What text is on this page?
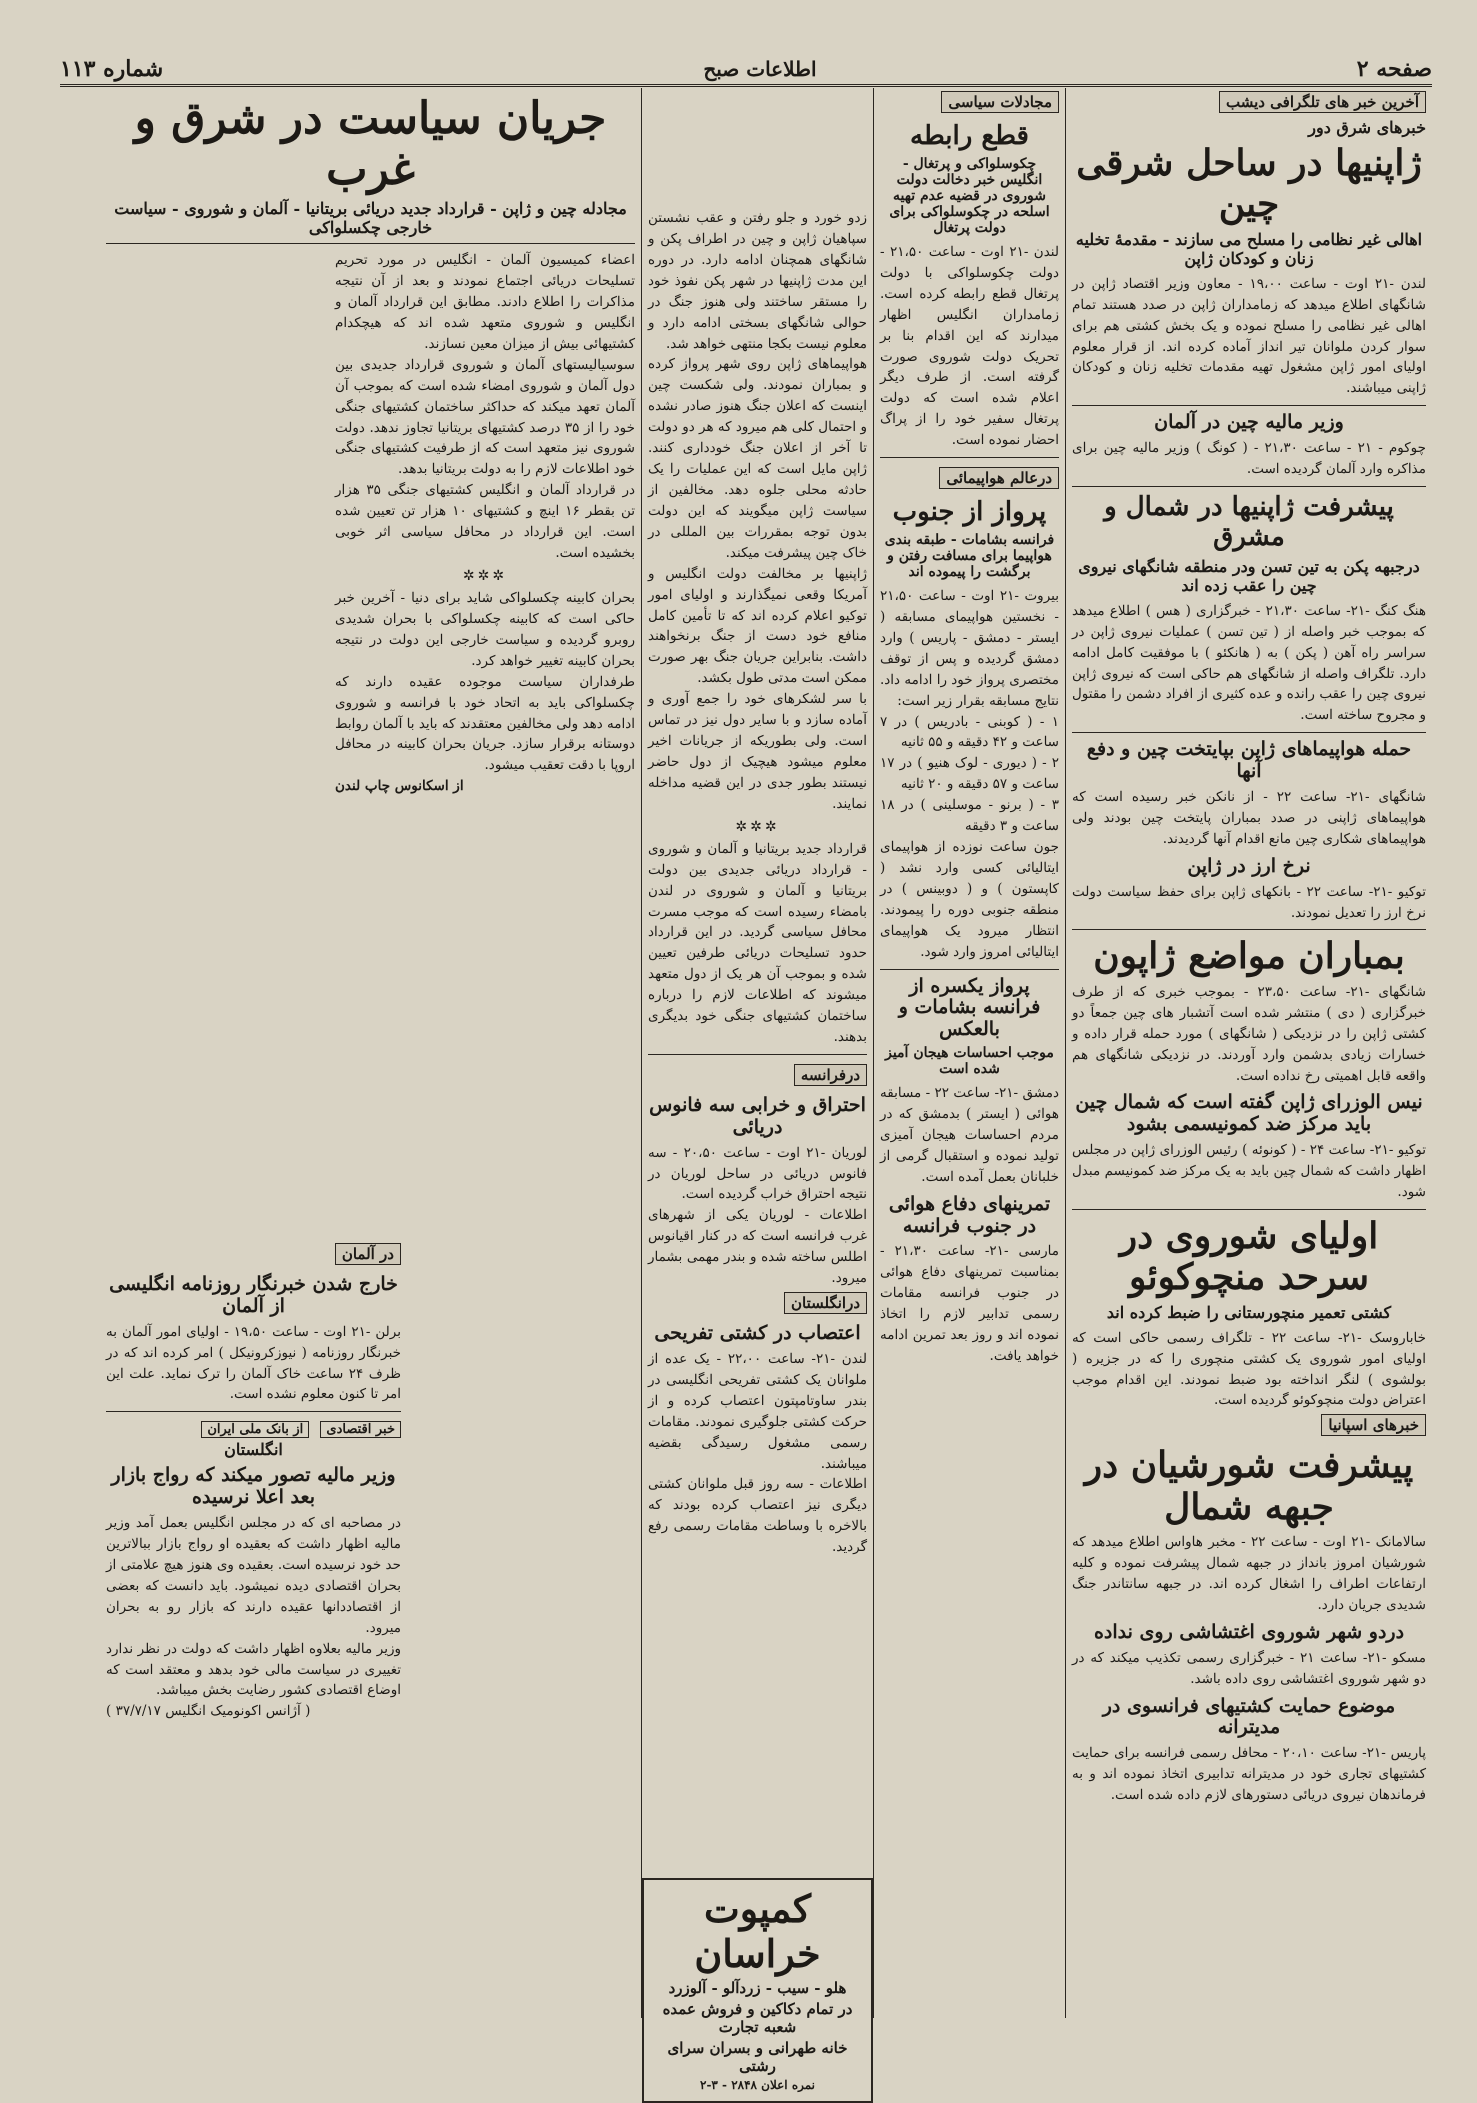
صفحه ۲
اطلاعات صبح
شماره ۱۱۳
آخرین خبر های تلگرافی دیشب
خبرهای شرق دور
ژاپنیها در ساحل شرقی چین
اهالی غیر نظامی را مسلح می سازند - مقدمهٔ تخلیه زنان و کودکان ژاپن
لندن -۲۱ اوت - ساعت ۱۹،۰۰ - معاون وزیر اقتصاد ژاپن در شانگهای اطلاع میدهد که زمامداران ژاپن در صدد هستند تمام اهالی غیر نظامی را مسلح نموده و یک بخش کشتی هم برای سوار کردن ملوانان تیر انداز آماده کرده اند. از قرار معلوم اولیای امور ژاپن مشغول تهیه مقدمات تخلیه زنان و کودکان ژاپنی میباشند.
وزیر مالیه چین در آلمان
چوکوم - ۲۱ - ساعت ۲۱،۳۰ - ( کونگ ) وزیر مالیه چین برای مذاکره وارد آلمان گردیده است.
پیشرفت ژاپنیها در شمال و مشرق
درجبهه پکن به تین تسن ودر منطقه شانگهای نیروی چین را عقب زده اند
هنگ کنگ -۲۱- ساعت ۲۱،۳۰ - خبرگزاری ( هس ) اطلاع میدهد که بموجب خبر واصله از ( تین تسن ) عملیات نیروی ژاپن در سراسر راه آهن ( پکن ) به ( هانکئو ) با موفقیت کامل ادامه دارد. تلگراف واصله از شانگهای هم حاکی است که نیروی ژاپن نیروی چین را عقب رانده و عده کثیری از افراد دشمن را مقتول و مجروح ساخته است.
حمله هواپیماهای ژاپن بپایتخت چین و دفع آنها
شانگهای -۲۱- ساعت ۲۲ - از نانکن خبر رسیده است که هواپیماهای ژاپنی در صدد بمباران پایتخت چین بودند ولی هواپیماهای شکاری چین مانع اقدام آنها گردیدند.
نرخ ارز در ژاپن
توکیو -۲۱- ساعت ۲۲ - بانکهای ژاپن برای حفظ سیاست دولت نرخ ارز را تعدیل نمودند.
بمباران مواضع ژاپون
شانگهای -۲۱- ساعت ۲۳،۵۰ - بموجب خبری که از طرف خبرگزاری ( دی ) منتشر شده است آتشبار های چین جمعاً دو کشتی ژاپن را در نزدیکی ( شانگهای ) مورد حمله قرار داده و خسارات زیادی بدشمن وارد آوردند. در نزدیکی شانگهای هم واقعه قابل اهمیتی رخ نداده است.
نیس الوزرای ژاپن گفته است که شمال چین باید مرکز ضد کمونیسمی بشود
توکیو -۲۱- ساعت ۲۴ - ( کونوئه ) رئیس الوزرای ژاپن در مجلس اظهار داشت که شمال چین باید به یک مرکز ضد کمونیسم مبدل شود.
اولیای شوروی در سرحد منچوکوئو
کشتی تعمیر منچورستانی را ضبط کرده اند
خاباروسک -۲۱- ساعت ۲۲ - تلگراف رسمی حاکی است که اولیای امور شوروی یک کشتی منچوری را که در جزیره ( بولشوی ) لنگر انداخته بود ضبط نمودند. این اقدام موجب اعتراض دولت منچوکوئو گردیده است.
خبرهای اسپانیا
پیشرفت شورشیان در جبهه شمال
سالامانک -۲۱ اوت - ساعت ۲۲ - مخبر هاواس اطلاع میدهد که شورشیان امروز بانداز در جبهه شمال پیشرفت نموده و کلیه ارتفاعات اطراف را اشغال کرده اند. در جبهه سانتاندر جنگ شدیدی جریان دارد.
دردو شهر شوروی اغتشاشی روی نداده
مسکو -۲۱- ساعت ۲۱ - خبرگزاری رسمی تکذیب میکند که در دو شهر شوروی اغتشاشی روی داده باشد.
موضوع حمایت کشتیهای فرانسوی در مدیترانه
پاریس -۲۱- ساعت ۲۰،۱۰ - محافل رسمی فرانسه برای حمایت کشتیهای تجاری خود در مدیترانه تدابیری اتخاذ نموده اند و به فرماندهان نیروی دریائی دستورهای لازم داده شده است.
مجادلات سیاسی
قطع رابطه
چکوسلواکی و پرتغال - انگلیس خبر دخالت دولت شوروی در قضیه عدم تهیه اسلحه در چکوسلواکی برای دولت پرتغال
لندن -۲۱ اوت - ساعت ۲۱،۵۰ - دولت چکوسلواکی با دولت پرتغال قطع رابطه کرده است. زمامداران انگلیس اظهار میدارند که این اقدام بنا بر تحریک دولت شوروی صورت گرفته است. از طرف دیگر اعلام شده است که دولت پرتغال سفیر خود را از پراگ احضار نموده است.
درعالم هواپیمائی
پرواز از جنوب
فرانسه بشامات - طبقه بندی هواپیما برای مسافت رفتن و برگشت را پیموده اند
بیروت -۲۱ اوت - ساعت ۲۱،۵۰ - نخستین هواپیمای مسابقه ( ایستر - دمشق - پاریس ) وارد دمشق گردیده و پس از توقف مختصری پرواز خود را ادامه داد. نتایج مسابقه بقرار زیر است:
۱ - ( کوبنی - بادریس ) در ۷ ساعت و ۴۲ دقیقه و ۵۵ ثانیه
۲ - ( دیوری - لوک هنیو ) در ۱۷ ساعت و ۵۷ دقیقه و ۲۰ ثانیه
۳ - ( برنو - موسلینی ) در ۱۸ ساعت و ۳ دقیقه
جون ساعت نوزده از هواپیمای ایتالیائی کسی وارد نشد ( کاپستون ) و ( دوبینس ) در منطقه جنوبی دوره را پیمودند. انتظار میرود یک هواپیمای ایتالیائی امروز وارد شود.
پرواز یکسره از فرانسه بشامات و بالعکس
موجب احساسات هیجان آمیز شده است
دمشق -۲۱- ساعت ۲۲ - مسابقه هوائی ( ایستر ) بدمشق که در مردم احساسات هیجان آمیزی تولید نموده و استقبال گرمی از خلبانان بعمل آمده است.
تمرینهای دفاع هوائی در جنوب فرانسه
مارسی -۲۱- ساعت ۲۱،۳۰ - بمناسبت تمرینهای دفاع هوائی در جنوب فرانسه مقامات رسمی تدابیر لازم را اتخاذ نموده اند و روز بعد تمرین ادامه خواهد یافت.
زدو خورد و جلو رفتن و عقب نشستن سپاهیان ژاپن و چین در اطراف پکن و شانگهای همچنان ادامه دارد. در دوره این مدت ژاپنیها در شهر پکن نفوذ خود را مستقر ساختند ولی هنوز جنگ در حوالی شانگهای بسختی ادامه دارد و معلوم نیست بکجا منتهی خواهد شد.
هواپیماهای ژاپن روی شهر پرواز کرده و بمباران نمودند. ولی شکست چین اینست که اعلان جنگ هنوز صادر نشده و احتمال کلی هم میرود که هر دو دولت تا آخر از اعلان جنگ خودداری کنند. ژاپن مایل است که این عملیات را یک حادثه محلی جلوه دهد. مخالفین از سیاست ژاپن میگویند که این دولت بدون توجه بمقررات بین المللی در خاک چین پیشرفت میکند.
ژاپنیها بر مخالفت دولت انگلیس و آمریکا وقعی نمیگذارند و اولیای امور توکیو اعلام کرده اند که تا تأمین کامل منافع خود دست از جنگ برنخواهند داشت. بنابراین جریان جنگ بهر صورت ممکن است مدتی طول بکشد.
با سر لشکرهای خود را جمع آوری و آماده سازد و با سایر دول نیز در تماس است. ولی بطوریکه از جریانات اخیر معلوم میشود هیچیک از دول حاضر نیستند بطور جدی در این قضیه مداخله نمایند.
✲✲✲
قرارداد جدید بریتانیا و آلمان و شوروی - قرارداد دریائی جدیدی بین دولت بریتانیا و آلمان و شوروی در لندن بامضاء رسیده است که موجب مسرت محافل سیاسی گردید. در این قرارداد حدود تسلیحات دریائی طرفین تعیین شده و بموجب آن هر یک از دول متعهد میشوند که اطلاعات لازم را درباره ساختمان کشتیهای جنگی خود بدیگری بدهند.
درفرانسه
احتراق و خرابی سه فانوس دریائی
لوریان -۲۱ اوت - ساعت ۲۰،۵۰ - سه فانوس دریائی در ساحل لوریان در نتیجه احتراق خراب گردیده است.
اطلاعات - لوریان یکی از شهرهای غرب فرانسه است که در کنار اقیانوس اطلس ساخته شده و بندر مهمی بشمار میرود.
درانگلستان
اعتصاب در کشتی تفریحی
لندن -۲۱- ساعت ۲۲،۰۰ - یک عده از ملوانان یک کشتی تفریحی انگلیسی در بندر ساوتامپتون اعتصاب کرده و از حرکت کشتی جلوگیری نمودند. مقامات رسمی مشغول رسیدگی بقضیه میباشند.
اطلاعات - سه روز قبل ملوانان کشتی دیگری نیز اعتصاب کرده بودند که بالاخره با وساطت مقامات رسمی رفع گردید.
جریان سیاست در شرق و غرب
مجادله چین و ژاپن - قرارداد جدید دریائی بریتانیا - آلمان و شوروی - سیاست خارجی چکسلواکی
اعضاء کمیسیون آلمان - انگلیس در مورد تحریم تسلیحات دریائی اجتماع نمودند و بعد از آن نتیجه مذاکرات را اطلاع دادند. مطابق این قرارداد آلمان و انگلیس و شوروی متعهد شده اند که هیچکدام کشتیهائی بیش از میزان معین نسازند.
سوسیالیستهای آلمان و شوروی قرارداد جدیدی بین دول آلمان و شوروی امضاء شده است که بموجب آن آلمان تعهد میکند که حداکثر ساختمان کشتیهای جنگی خود را از ۳۵ درصد کشتیهای بریتانیا تجاوز ندهد. دولت شوروی نیز متعهد است که از طرفیت کشتیهای جنگی خود اطلاعات لازم را به دولت بریتانیا بدهد.
در قرارداد آلمان و انگلیس کشتیهای جنگی ۳۵ هزار تن بقطر ۱۶ اینچ و کشتیهای ۱۰ هزار تن تعیین شده است. این قرارداد در محافل سیاسی اثر خوبی بخشیده است.
✲✲✲
بحران کابینه چکسلواکی شاید برای دنیا - آخرین خبر حاکی است که کابینه چکسلواکی با بحران شدیدی روبرو گردیده و سیاست خارجی این دولت در نتیجه بحران کابینه تغییر خواهد کرد.
طرفداران سیاست موجوده عقیده دارند که چکسلواکی باید به اتحاد خود با فرانسه و شوروی ادامه دهد ولی مخالفین معتقدند که باید با آلمان روابط دوستانه برقرار سازد. جریان بحران کابینه در محافل اروپا با دقت تعقیب میشود.
از اسکانوس چاپ لندن
در آلمان
خارج شدن خبرنگار روزنامه انگلیسی از آلمان
برلن -۲۱ اوت - ساعت ۱۹،۵۰ - اولیای امور آلمان به خبرنگار روزنامه ( نیوزکرونیکل ) امر کرده اند که در ظرف ۲۴ ساعت خاک آلمان را ترک نماید. علت این امر تا کنون معلوم نشده است.
خبر اقتصادی از بانک ملی ایران
انگلستان
وزیر مالیه تصور میکند که رواج بازار بعد اعلا نرسیده
در مصاحبه ای که در مجلس انگلیس بعمل آمد وزیر مالیه اظهار داشت که بعقیده او رواج بازار ببالاترین حد خود نرسیده است. بعقیده وی هنوز هیچ علامتی از بحران اقتصادی دیده نمیشود. باید دانست که بعضی از اقتصاددانها عقیده دارند که بازار رو به بحران میرود.
وزیر مالیه بعلاوه اظهار داشت که دولت در نظر ندارد تغییری در سیاست مالی خود بدهد و معتقد است که اوضاع اقتصادی کشور رضایت بخش میباشد.
( آژانس اکونومیک انگلیس ۳۷/۷/۱۷ )
کمپوت خراسان
هلو - سیب - زردآلو - آلوزرد
در تمام دکاکین و فروش عمده شعبه تجارت
خانه طهرانی و بسران سرای رشتی
نمره اعلان ۲۸۴۸ - ۳-۲
